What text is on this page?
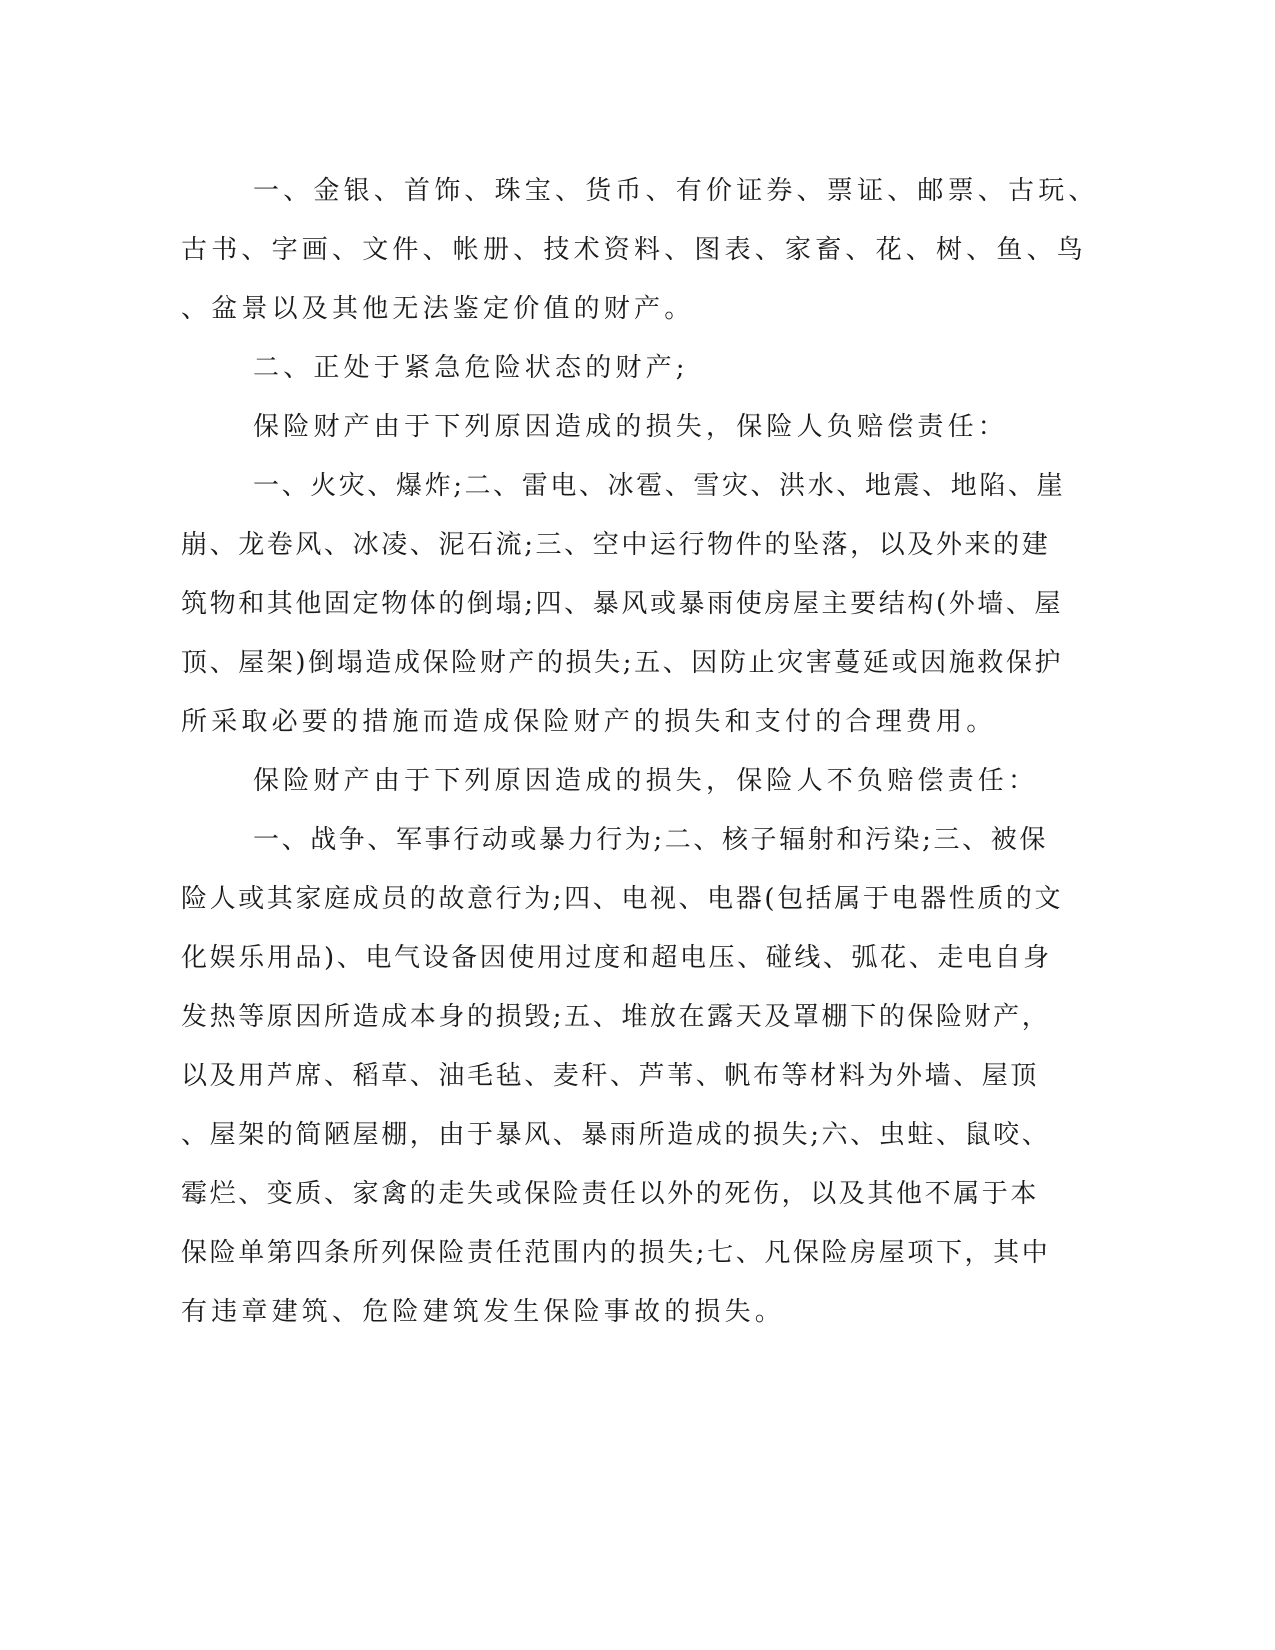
一、金银、首饰、珠宝、货币、有价证券、票证、邮票、古玩、
古书、字画、文件、帐册、技术资料、图表、家畜、花、树、鱼、鸟
、盆景以及其他无法鉴定价值的财产。
二、正处于紧急危险状态的财产;
保险财产由于下列原因造成的损失，保险人负赔偿责任：
一、火灾、爆炸;二、雷电、冰雹、雪灾、洪水、地震、地陷、崖
崩、龙卷风、冰凌、泥石流;三、空中运行物件的坠落，以及外来的建
筑物和其他固定物体的倒塌;四、暴风或暴雨使房屋主要结构(外墙、屋
顶、屋架)倒塌造成保险财产的损失;五、因防止灾害蔓延或因施救保护
所采取必要的措施而造成保险财产的损失和支付的合理费用。
保险财产由于下列原因造成的损失，保险人不负赔偿责任：
一、战争、军事行动或暴力行为;二、核子辐射和污染;三、被保
险人或其家庭成员的故意行为;四、电视、电器(包括属于电器性质的文
化娱乐用品)、电气设备因使用过度和超电压、碰线、弧花、走电自身
发热等原因所造成本身的损毁;五、堆放在露天及罩棚下的保险财产，
以及用芦席、稻草、油毛毡、麦秆、芦苇、帆布等材料为外墙、屋顶
、屋架的简陋屋棚，由于暴风、暴雨所造成的损失;六、虫蛀、鼠咬、
霉烂、变质、家禽的走失或保险责任以外的死伤，以及其他不属于本
保险单第四条所列保险责任范围内的损失;七、凡保险房屋项下，其中
有违章建筑、危险建筑发生保险事故的损失。
